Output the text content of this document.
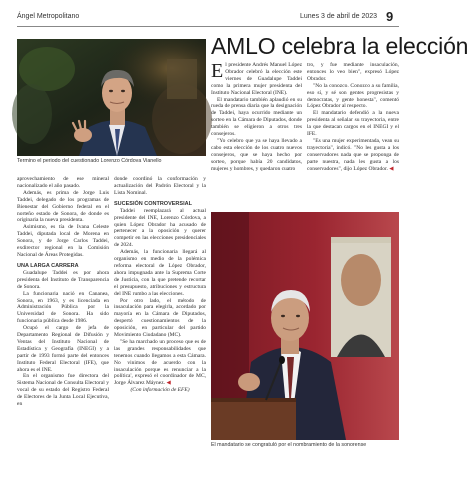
Ángel Metropolitano	Lunes 3 de abril de 2023 9
Termino el periodo del cuestionado Lorenzo Córdova Vianello
AMLO celebra la elección

E l presidente Andrés Manuel López Obrador celebró la elección este viernes de Guadalupe Taddei como la primera mujer presidenta del Instituto Nacional Electoral (INE).

El mandatario también aplaudió en su rueda de prensa diaria que la designación de Taddei, haya ocurrido mediante un sorteo en la Cámara de Diputados, donde también se eligieron a otros tres consejeros.

"Yo celebro que ya se haya llevado a cabo esta elección de los cuatro nuevos consejeros, que se haya hecho por sorteo, porque había 20 candidatos, mujeres y hombres, y quedaron cuatro

tro, y fue mediante insaculación, entonces lo veo bien", expresó López Obrador.

"No la conozco. Conozco a su familia, eso sí, y sé son gentes progresistas y democratas, y gente honesta", comentó López Obrador al respecto.

El mandatario defendió a la nueva presidenta al señalar su trayectoria, entre la que destacan cargos en el INEGI y el IFE.

"Es una mujer experimentada, vean su trayectoria", indicó. "No les gusta a los conservadores nada que se proponga de parte nuestra, nada les gusta a los conservadores", dijo López Obrador. ◀

aprovechamiento de ese mineral nacionalizado el año pasado.

Además, es prima de Jorge Luis Taddei, delegado de los programas de Bienestar del Gobierno federal en el norteño estado de Sonora, de donde es originaria la nueva presidenta.

Asimismo, es tía de Ivana Celeste Taddei, diputada local de Morena en Sonora, y de Jorge Carlos Taddei, exdirector regional en la Comisión Nacional de Áreas Protegidas.

UNA LARGA CARRERA

Guadalupe Taddei es por ahora presidenta del Instituto de Transparencia de Sonora.

La funcionaria nació en Cananea, Sonora, en 1963, y es licenciada en Administración Pública por la Universidad de Sonora. Ha sido funcionaria pública desde 1986.

Ocupó el cargo de jefa de Departamento Regional de Difusión y Ventas del Instituto Nacional de Estadística y Geografía (INEGI) y a partir de 1993 formó parte del entonces Instituto Federal Electoral (IFE), que ahora es el INE.

En el organismo fue directora del Sistema Nacional de Consulta Electoral y vocal de su estado del Registro Federal de Electores de la Junta Local Ejecutiva, en

donde coordinó la conformación y actualización del Padrón Electoral y la Lista Nominal.

SUCESIÓN CONTROVERSIAL

Taddei reemplazará al actual presidente del INE, Lorenzo Córdova, a quien López Obrador ha acusado de pertenecer a la oposición y querer competir en las elecciones presidenciales de 2024.

Además, la funcionaria llegará al organismo en medio de la polémica reforma electoral de López Obrador, ahora impugnada ante la Suprema Corte de Justicia, con la que pretende recortar el presupuesto, atribuciones y estructura del INE rumbo a las elecciones.

Por otro lado, el método de insaculación para elegirla, acordado por mayoría en la Cámara de Diputados, despertó cuestionamientos de la oposición, en particular del partido Movimiento Ciudadano (MC).

"Se ha marchado un proceso que es de las grandes responsabilidades que tenemos cuando llegamos a esta Cámara. No vinimos de acuerdo con la insaculación porque es renunciar a la política', expresó el coordinador de MC, Jorge Álvarez Máynez. ◀

(Con información de EFE)

El mandatario se congratuló por el nombramiento de la sonorense
